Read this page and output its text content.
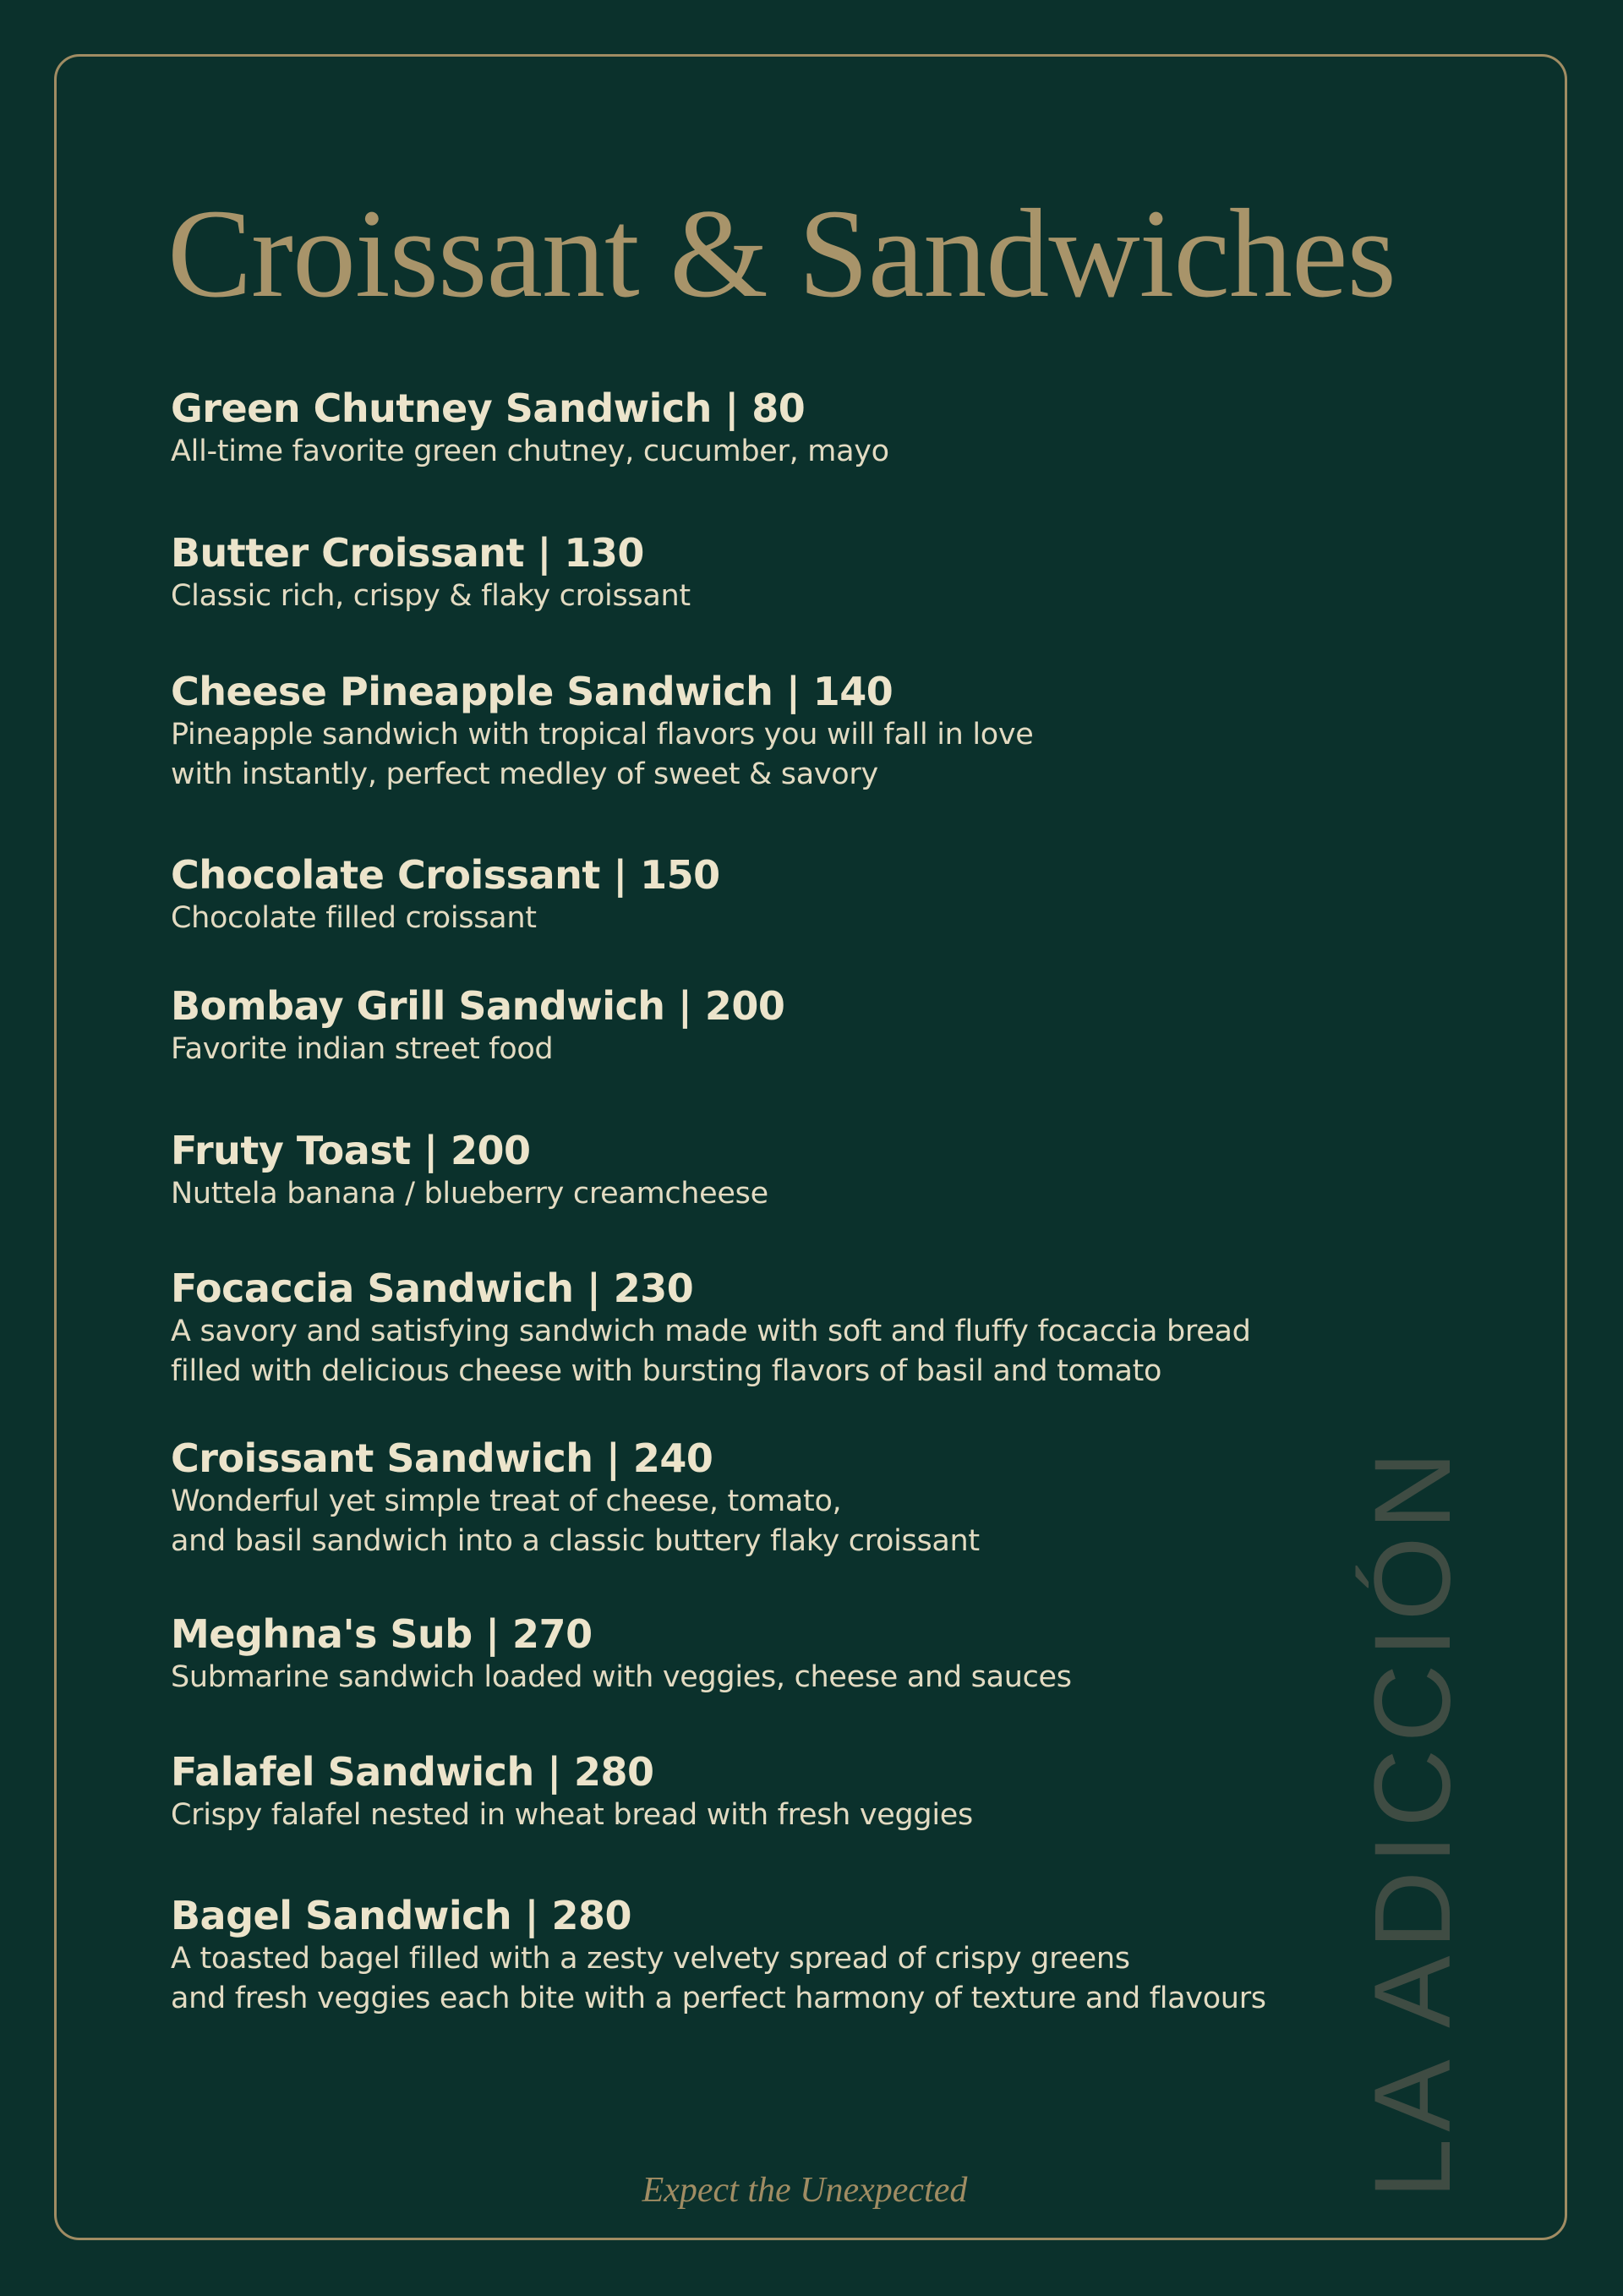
Croissant & Sandwiches
Green Chutney Sandwich | 80
All-time favorite green chutney, cucumber, mayo
Butter Croissant | 130
Classic rich, crispy & flaky croissant
Cheese Pineapple Sandwich | 140
Pineapple sandwich with tropical flavors you will fall in love
with instantly, perfect medley of sweet & savory
Chocolate Croissant | 150
Chocolate filled croissant
Bombay Grill Sandwich | 200
Favorite indian street food
Fruty Toast | 200
Nuttela banana / blueberry creamcheese
Focaccia Sandwich | 230
A savory and satisfying sandwich made with soft and fluffy focaccia bread
filled with delicious cheese with bursting flavors of basil and tomato
Croissant Sandwich | 240
Wonderful yet simple treat of cheese, tomato,
and basil sandwich into a classic buttery flaky croissant
Meghna's Sub | 270
Submarine sandwich loaded with veggies, cheese and sauces
Falafel Sandwich | 280
Crispy falafel nested in wheat bread with fresh veggies
Bagel Sandwich | 280
A toasted bagel filled with a zesty velvety spread of crispy greens
and fresh veggies each bite with a perfect harmony of texture and flavours LA ADICCIÓN
Expect the Unexpected
